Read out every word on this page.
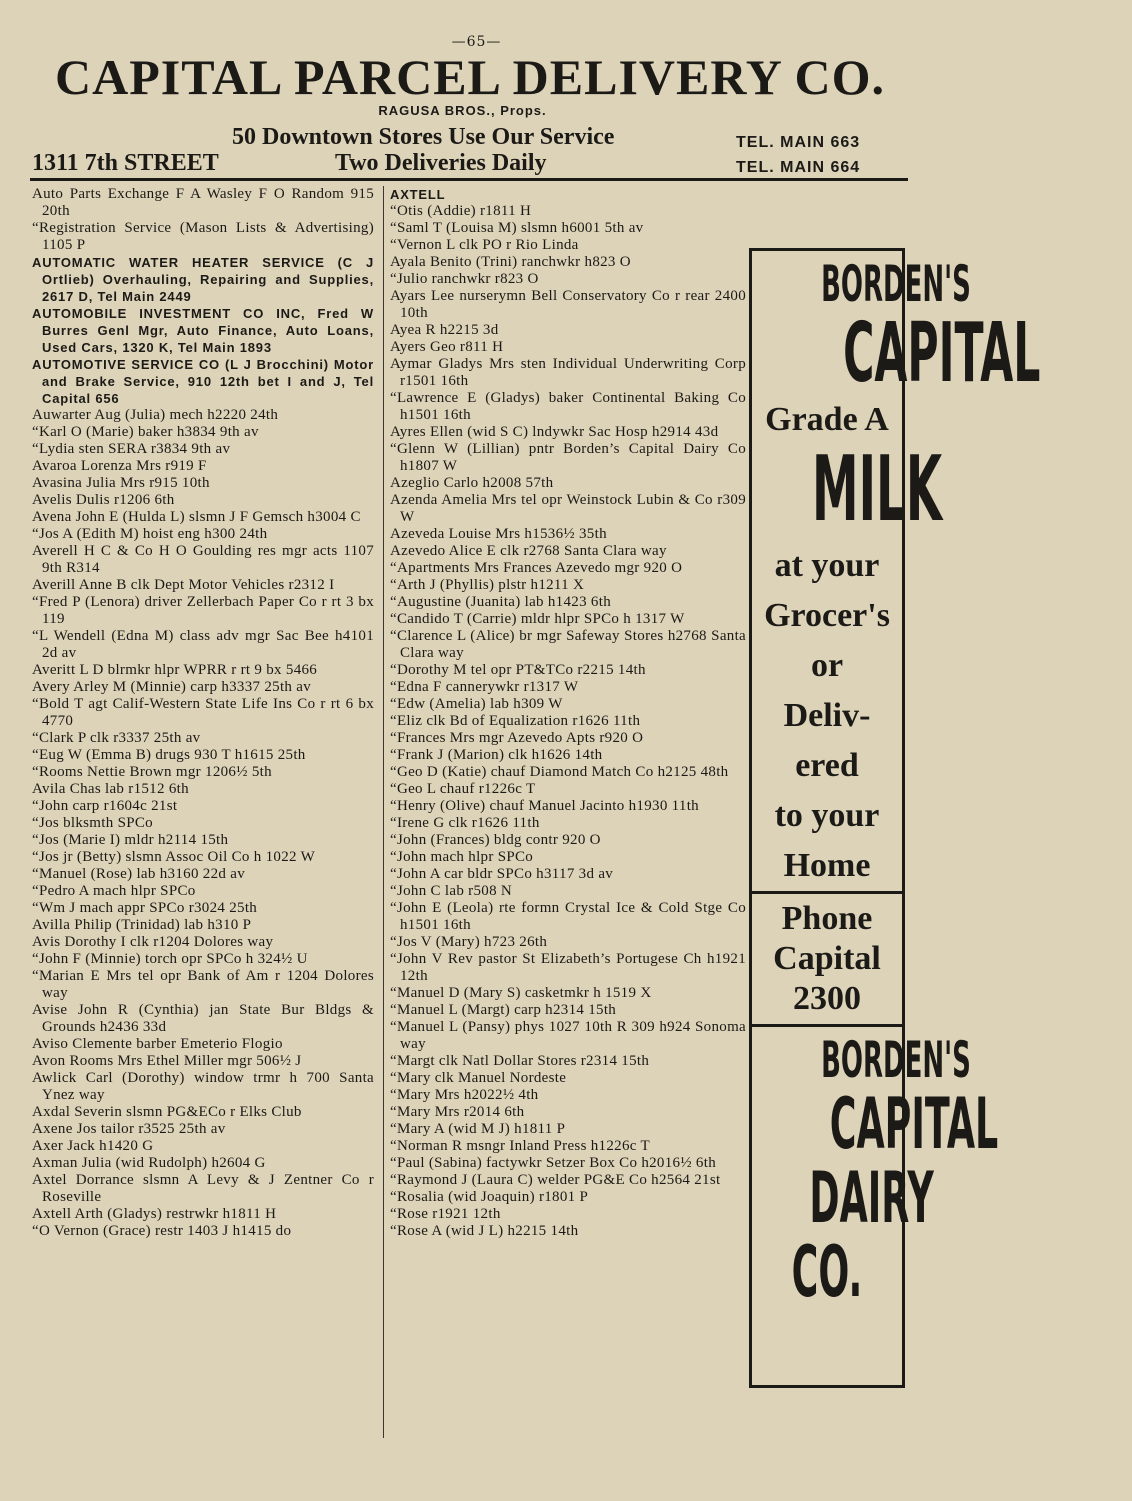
—65—
CAPITAL PARCEL DELIVERY CO.
RAGUSA BROS., Props.
50 Downtown Stores Use Our Service
1311 7th STREET	Two Deliveries Daily
TEL. MAIN 663
TEL. MAIN 664

Auto Parts Exchange F A Wasley F O Random 915 20th

“Registration Service (Mason Lists & Advertising) 1105 P

AUTOMATIC WATER HEATER SERVICE (C J Ortlieb) Overhauling, Repairing and Supplies, 2617 D, Tel Main 2449

AUTOMOBILE INVESTMENT CO INC, Fred W Burres Genl Mgr, Auto Finance, Auto Loans, Used Cars, 1320 K, Tel Main 1893

AUTOMOTIVE SERVICE CO (L J Brocchini) Motor and Brake Service, 910 12th bet I and J, Tel Capital 656

Auwarter Aug (Julia) mech h2220 24th

“Karl O (Marie) baker h3834 9th av

“Lydia sten SERA r3834 9th av

Avaroa Lorenza Mrs r919 F

Avasina Julia Mrs r915 10th

Avelis Dulis r1206 6th

Avena John E (Hulda L) slsmn J F Gemsch h3004 C

“Jos A (Edith M) hoist eng h300 24th

Averell H C & Co H O Goulding res mgr acts 1107 9th R314

Averill Anne B clk Dept Motor Vehicles r2312 I

“Fred P (Lenora) driver Zellerbach Paper Co r rt 3 bx 119

“L Wendell (Edna M) class adv mgr Sac Bee h4101 2d av

Averitt L D blrmkr hlpr WPRR r rt 9 bx 5466

Avery Arley M (Minnie) carp h3337 25th av

“Bold T agt Calif-Western State Life Ins Co r rt 6 bx 4770

“Clark P clk r3337 25th av

“Eug W (Emma B) drugs 930 T h1615 25th

“Rooms Nettie Brown mgr 1206½ 5th

Avila Chas lab r1512 6th

“John carp r1604c 21st

“Jos blksmth SPCo

“Jos (Marie I) mldr h2114 15th

“Jos jr (Betty) slsmn Assoc Oil Co h 1022 W

“Manuel (Rose) lab h3160 22d av

“Pedro A mach hlpr SPCo

“Wm J mach appr SPCo r3024 25th

Avilla Philip (Trinidad) lab h310 P

Avis Dorothy I clk r1204 Dolores way

“John F (Minnie) torch opr SPCo h 324½ U

“Marian E Mrs tel opr Bank of Am r 1204 Dolores way

Avise John R (Cynthia) jan State Bur Bldgs & Grounds h2436 33d

Aviso Clemente barber Emeterio Flogio

Avon Rooms Mrs Ethel Miller mgr 506½ J

Awlick Carl (Dorothy) window trmr h 700 Santa Ynez way

Axdal Severin slsmn PG&ECo r Elks Club

Axene Jos tailor r3525 25th av

Axer Jack h1420 G

Axman Julia (wid Rudolph) h2604 G

Axtel Dorrance slsmn A Levy & J Zentner Co r Roseville

Axtell Arth (Gladys) restrwkr h1811 H

“O Vernon (Grace) restr 1403 J h1415 do

AXTELL

“Otis (Addie) r1811 H

“Saml T (Louisa M) slsmn h6001 5th av

“Vernon L clk PO r Rio Linda

Ayala Benito (Trini) ranchwkr h823 O

“Julio ranchwkr r823 O

Ayars Lee nurserymn Bell Conservatory Co r rear 2400 10th

Ayea R h2215 3d

Ayers Geo r811 H

Aymar Gladys Mrs sten Individual Underwriting Corp r1501 16th

“Lawrence E (Gladys) baker Continental Baking Co h1501 16th

Ayres Ellen (wid S C) lndywkr Sac Hosp h2914 43d

“Glenn W (Lillian) pntr Borden’s Capital Dairy Co h1807 W

Azeglio Carlo h2008 57th

Azenda Amelia Mrs tel opr Weinstock Lubin & Co r309 W

Azeveda Louise Mrs h1536½ 35th

Azevedo Alice E clk r2768 Santa Clara way

“Apartments Mrs Frances Azevedo mgr 920 O

“Arth J (Phyllis) plstr h1211 X

“Augustine (Juanita) lab h1423 6th

“Candido T (Carrie) mldr hlpr SPCo h 1317 W

“Clarence L (Alice) br mgr Safeway Stores h2768 Santa Clara way

“Dorothy M tel opr PT&TCo r2215 14th

“Edna F cannerywkr r1317 W

“Edw (Amelia) lab h309 W

“Eliz clk Bd of Equalization r1626 11th

“Frances Mrs mgr Azevedo Apts r920 O

“Frank J (Marion) clk h1626 14th

“Geo D (Katie) chauf Diamond Match Co h2125 48th

“Geo L chauf r1226c T

“Henry (Olive) chauf Manuel Jacinto h1930 11th

“Irene G clk r1626 11th

“John (Frances) bldg contr 920 O

“John mach hlpr SPCo

“John A car bldr SPCo h3117 3d av

“John C lab r508 N

“John E (Leola) rte formn Crystal Ice & Cold Stge Co h1501 16th

“Jos V (Mary) h723 26th

“John V Rev pastor St Elizabeth’s Portugese Ch h1921 12th

“Manuel D (Mary S) casketmkr h 1519 X

“Manuel L (Margt) carp h2314 15th

“Manuel L (Pansy) phys 1027 10th R 309 h924 Sonoma way

“Margt clk Natl Dollar Stores r2314 15th

“Mary clk Manuel Nordeste

“Mary Mrs h2022½ 4th

“Mary Mrs r2014 6th

“Mary A (wid M J) h1811 P

“Norman R msngr Inland Press h1226c T

“Paul (Sabina) factywkr Setzer Box Co h2016½ 6th

“Raymond J (Laura C) welder PG&E Co h2564 21st

“Rosalia (wid Joaquin) r1801 P

“Rose r1921 12th

“Rose A (wid J L) h2215 14th

BORDEN'S
CAPITAL
Grade A
MILK
at your
Grocer's
or
Deliv-
ered
to your
Home
Phone
Capital
2300
BORDEN'S
CAPITAL
DAIRY
CO.
